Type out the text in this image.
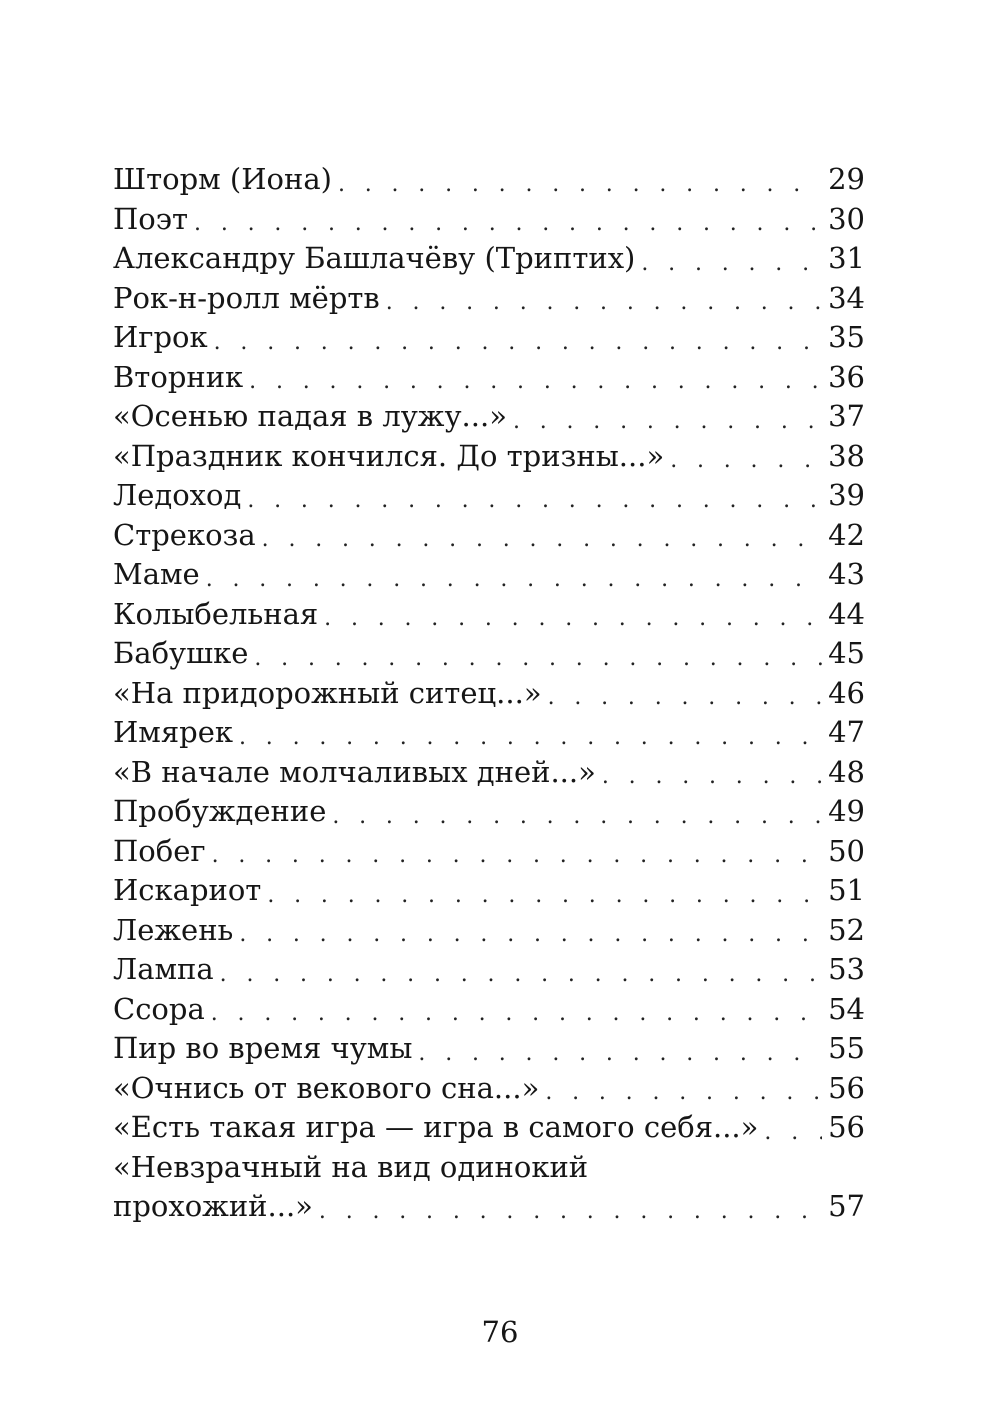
Шторм (Иона) . . .	29
Поэт . . .	30
Александру Башлачёву (Триптих) . . .	31
Рок-н-ролл мёртв . . .	34
Игрок . . .	35
Вторник . . .	36
«Осенью падая в лужу...» . . .	37
«Праздник кончился. До тризны...» . . .	38
Ледоход . . .	39
Стрекоза . . .	42
Маме . . .	43
Колыбельная . . .	44
Бабушке . . .	45
«На придорожный ситец...» . . .	46
Имярек . . .	47
«В начале молчаливых дней...» . . .	48
Пробуждение . . .	49
Побег . . .	50
Искариот . . .	51
Лежень . . .	52
Лампа . . .	53
Ссора . . .	54
Пир во время чумы . . .	55
«Очнись от векового сна...» . . .	56
«Есть такая игра — игра в самого себя...» . . . 56
«Невзрачный на вид одинокий
прохожий...» . . .	57
76
